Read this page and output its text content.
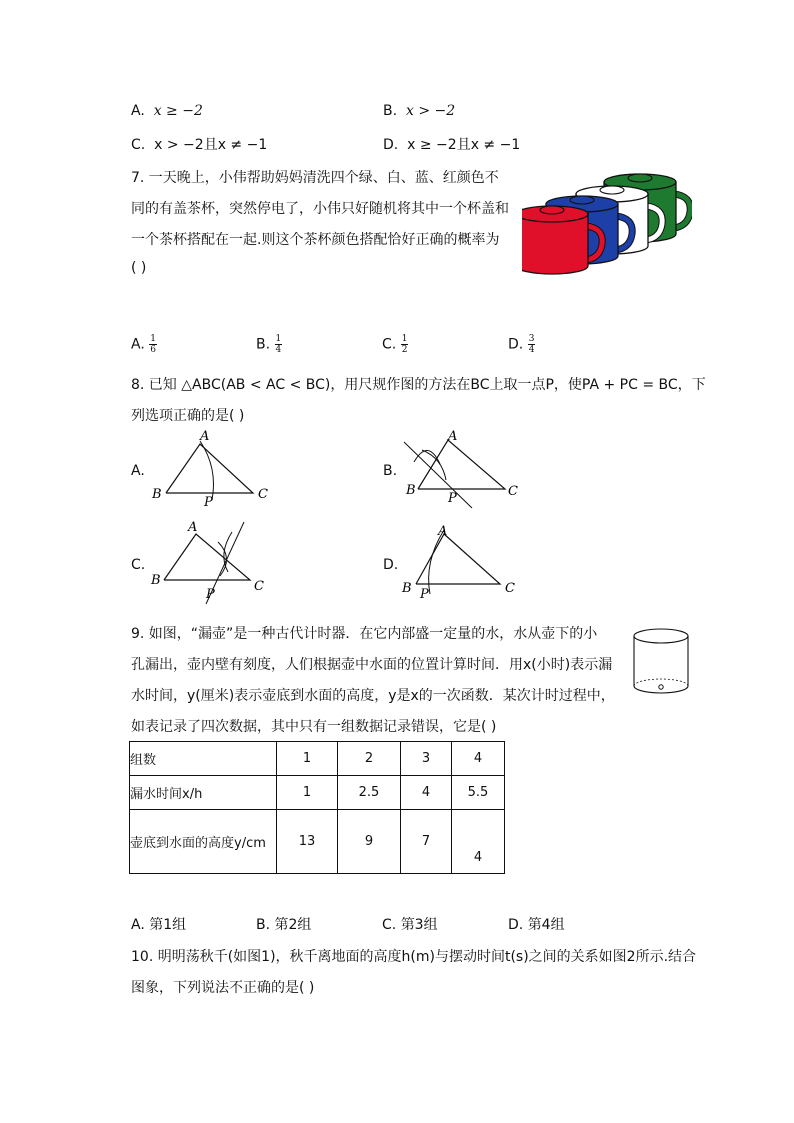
A. x ≥ −2	B. x > −2
C. x > −2且x ≠ −1	D. x ≥ −2且x ≠ −1
7. 一天晚上，小伟帮助妈妈清洗四个绿、白、蓝、红颜色不
同的有盖茶杯，突然停电了，小伟只好随机将其中一个杯盖和
一个茶杯搭配在一起.则这个茶杯颜色搭配恰好正确的概率为
( )
A. $\frac{1}{6}$	B. $\frac{1}{4}$	C. $\frac{1}{2}$	D. $\frac{3}{4}$
8. 已知 △ABC(AB < AC < BC)，用尺规作图的方法在BC上取一点P，使PA + PC = BC，下
列选项正确的是( )
A.
A
B	C
P
B.
A
B	C
P
C.
A
B	C
P
D.
A
B	C
P
9. 如图，“漏壶”是一种古代计时器．在它内部盛一定量的水，水从壶下的小
孔漏出，壶内壁有刻度，人们根据壶中水面的位置计算时间．用x(小时)表示漏
水时间，y(厘米)表示壶底到水面的高度，y是x的一次函数．某次计时过程中，
如表记录了四次数据，其中只有一组数据记录错误，它是( )
组数	1	2	3	4
漏水时间x/h	1	2.5	4	5.5
壶底到水面的高度y/cm	13	9	7	4
A. 第1组	B. 第2组	C. 第3组	D. 第4组
10. 明明荡秋千(如图1)，秋千离地面的高度h(m)与摆动时间t(s)之间的关系如图2所示.结合
图象，下列说法不正确的是( )
